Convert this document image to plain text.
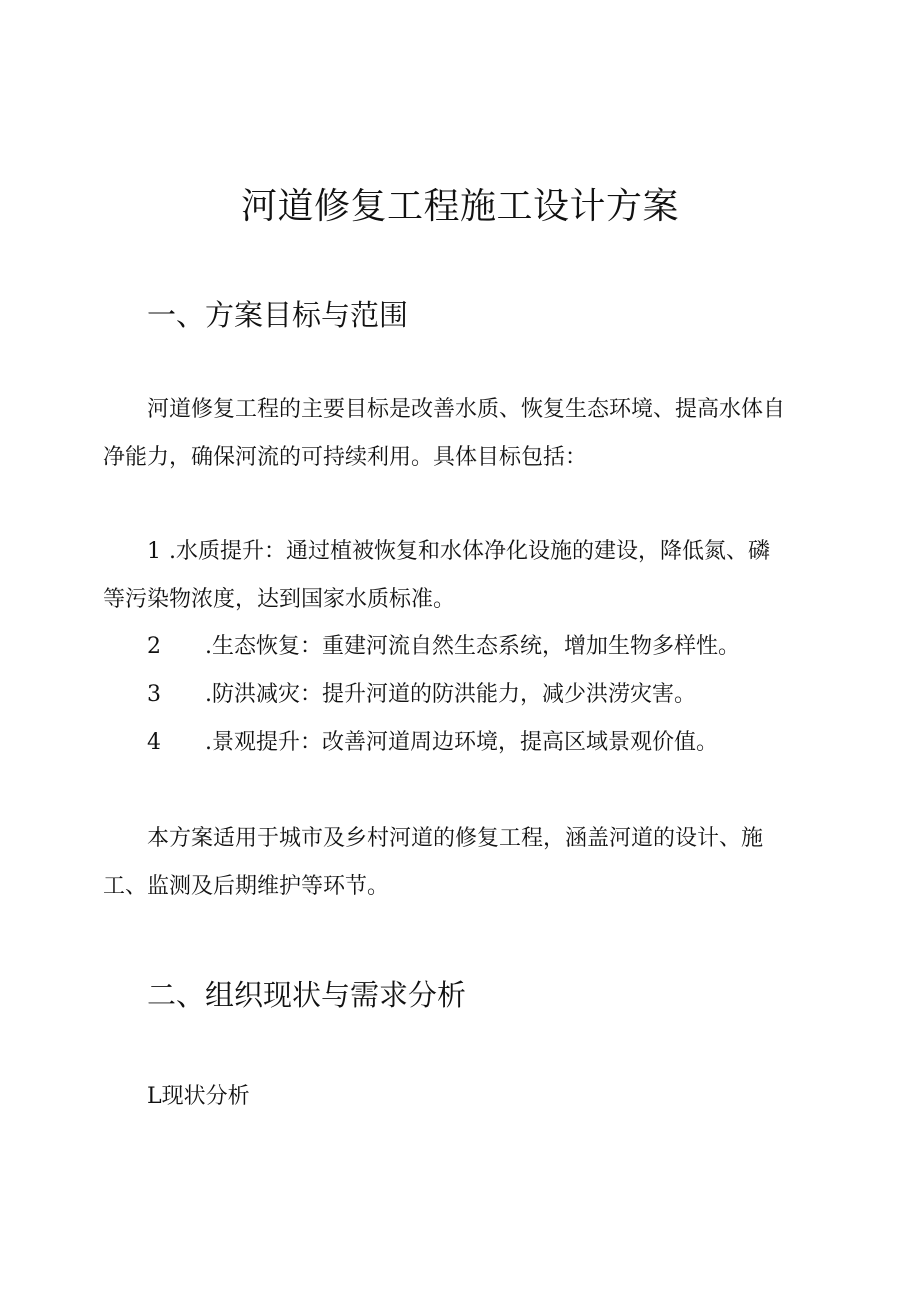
河道修复工程施工设计方案
一、方案目标与范围
河道修复工程的主要目标是改善水质、恢复生态环境、提高水体自
净能力，确保河流的可持续利用。具体目标包括：
1 .水质提升：通过植被恢复和水体净化设施的建设，降低氮、磷
等污染物浓度，达到国家水质标准。
2 .生态恢复：重建河流自然生态系统，增加生物多样性。
3 .防洪减灾：提升河道的防洪能力，减少洪涝灾害。
4 .景观提升：改善河道周边环境，提高区域景观价值。
本方案适用于城市及乡村河道的修复工程，涵盖河道的设计、施
工、监测及后期维护等环节。
二、组织现状与需求分析
L现状分析
